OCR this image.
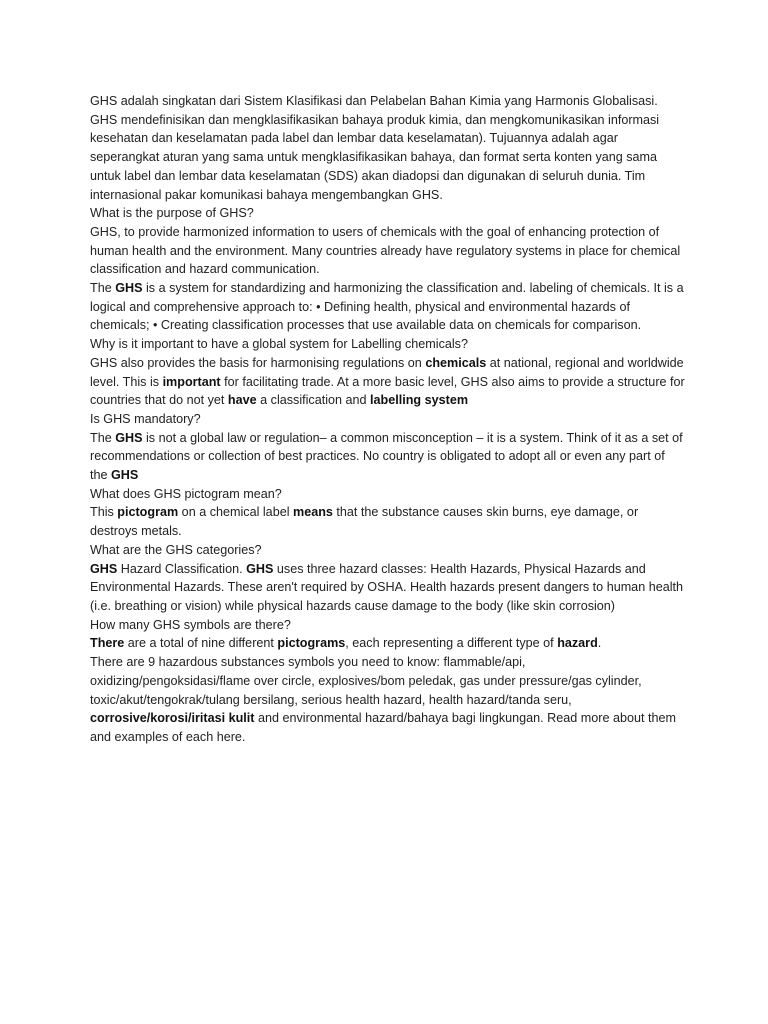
GHS adalah singkatan dari Sistem Klasifikasi dan Pelabelan Bahan Kimia yang Harmonis Globalisasi. GHS mendefinisikan dan mengklasifikasikan bahaya produk kimia, dan mengkomunikasikan informasi kesehatan dan keselamatan pada label dan lembar data keselamatan). Tujuannya adalah agar seperangkat aturan yang sama untuk mengklasifikasikan bahaya, dan format serta konten yang sama untuk label dan lembar data keselamatan (SDS) akan diadopsi dan digunakan di seluruh dunia. Tim internasional pakar komunikasi bahaya mengembangkan GHS.

What is the purpose of GHS?

GHS, to provide harmonized information to users of chemicals with the goal of enhancing protection of human health and the environment. Many countries already have regulatory systems in place for chemical classification and hazard communication.

The GHS is a system for standardizing and harmonizing the classification and. labeling of chemicals. It is a logical and comprehensive approach to: • Defining health, physical and environmental hazards of chemicals; • Creating classification processes that use available data on chemicals for comparison.

Why is it important to have a global system for Labelling chemicals?

GHS also provides the basis for harmonising regulations on chemicals at national, regional and worldwide level. This is important for facilitating trade. At a more basic level, GHS also aims to provide a structure for countries that do not yet have a classification and labelling system

Is GHS mandatory?

The GHS is not a global law or regulation– a common misconception – it is a system. Think of it as a set of recommendations or collection of best practices. No country is obligated to adopt all or even any part of the GHS

What does GHS pictogram mean?

This pictogram on a chemical label means that the substance causes skin burns, eye damage, or destroys metals.

What are the GHS categories?

GHS Hazard Classification. GHS uses three hazard classes: Health Hazards, Physical Hazards and Environmental Hazards. These aren't required by OSHA. Health hazards present dangers to human health (i.e. breathing or vision) while physical hazards cause damage to the body (like skin corrosion)

How many GHS symbols are there?

There are a total of nine different pictograms, each representing a different type of hazard.

There are 9 hazardous substances symbols you need to know: flammable/api, oxidizing/pengoksidasi/flame over circle, explosives/bom peledak, gas under pressure/gas cylinder, toxic/akut/tengokrak/tulang bersilang, serious health hazard, health hazard/tanda seru, corrosive/korosi/iritasi kulit and environmental hazard/bahaya bagi lingkungan. Read more about them and examples of each here.
